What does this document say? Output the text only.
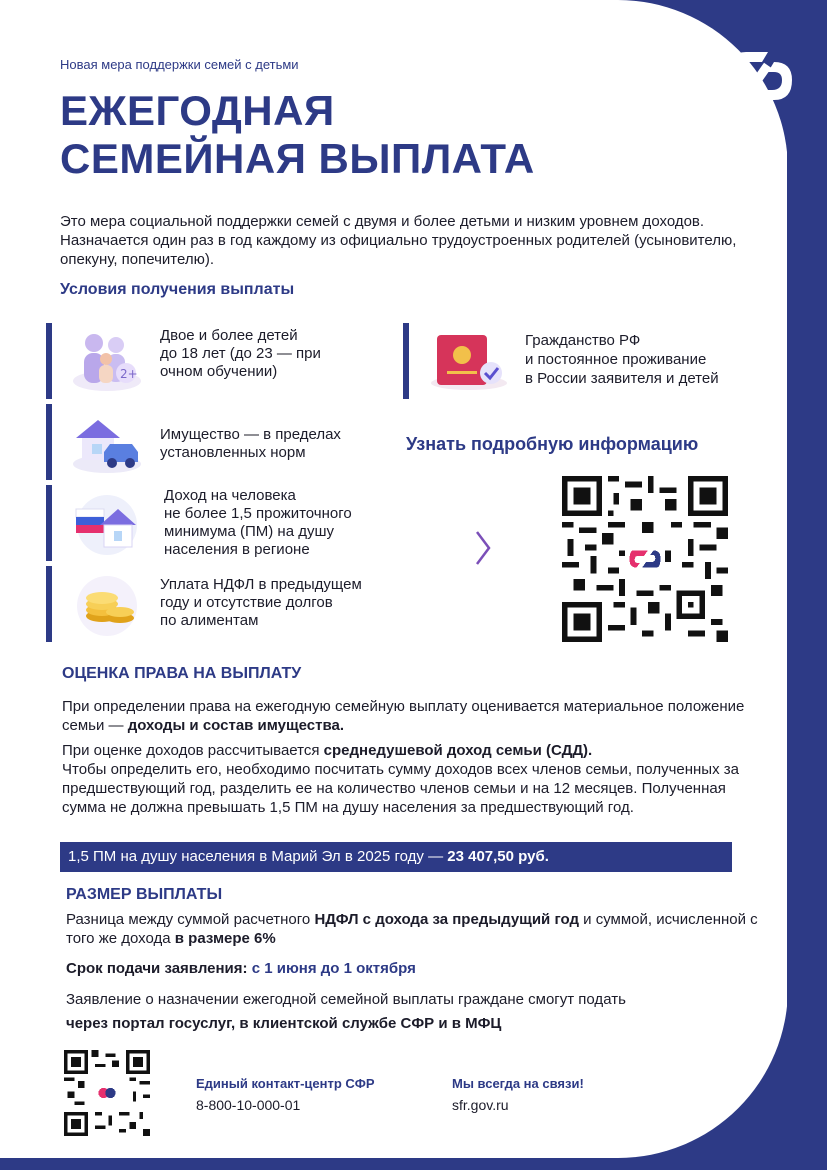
Новая мера поддержки семей с детьми
ЕЖЕГОДНАЯ
СЕМЕЙНАЯ ВЫПЛАТА
Это мера социальной поддержки семей с двумя и более детьми и низким уровнем доходов. Назначается один раз в год каждому из официально трудоустроенных родителей (усыновителю, опекуну, попечителю).
Условия получения выплаты
2+
Двое и более детей
до 18 лет (до 23 — при
очном обучении)
Имущество — в пределах
установленных норм
Доход на человека
не более 1,5 прожиточного
минимума (ПМ) на душу
населения в регионе
Уплата НДФЛ в предыдущем
году и отсутствие долгов
по алиментам
Гражданство РФ
и постоянное проживание
в России заявителя и детей
Узнать подробную информацию
ОЦЕНКА ПРАВА НА ВЫПЛАТУ
При определении права на ежегодную семейную выплату оценивается материальное положение семьи — доходы и состав имущества.
При оценке доходов рассчитывается среднедушевой доход семьи (СДД).
Чтобы определить его, необходимо посчитать сумму доходов всех членов семьи, полученных за предшествующий год, разделить ее на количество членов семьи и на 12 месяцев. Полученная сумма не должна превышать 1,5 ПМ на душу населения за предшествующий год.
1,5 ПМ на душу населения в Марий Эл в 2025 году — 23 407,50 руб.
РАЗМЕР ВЫПЛАТЫ
Разница между суммой расчетного НДФЛ с дохода за предыдущий год и суммой, исчисленной с того же дохода в размере 6%
Срок подачи заявления: с 1 июня до 1 октября
Заявление о назначении ежегодной семейной выплаты граждане смогут подать
через портал госуслуг, в клиентской службе СФР и в МФЦ
Единый контакт-центр СФР
8-800-10-000-01
Мы всегда на связи!
sfr.gov.ru
